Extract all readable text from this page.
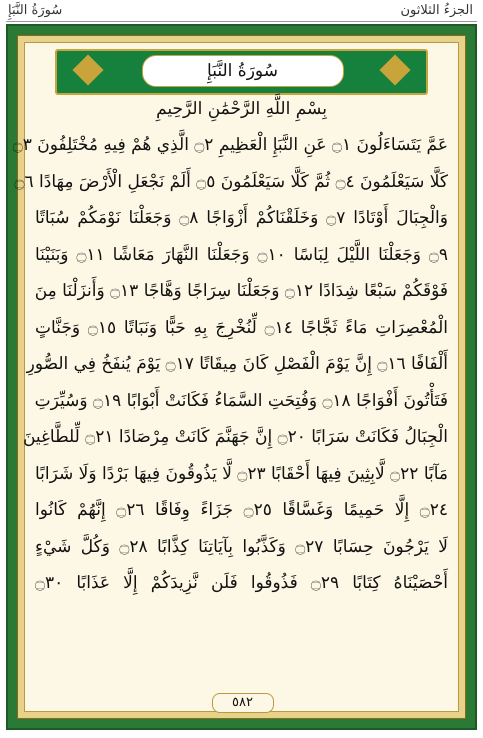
سُورَةُ النَّبَإِ	الجزءُ الثلاثون
سُورَةُ النَّبَإِ
بِسْمِ اللَّهِ الرَّحْمَٰنِ الرَّحِيمِ
عَمَّ يَتَسَاءَلُونَ ۝١ عَنِ النَّبَإِ الْعَظِيمِ ۝٢ الَّذِي هُمْ فِيهِ مُخْتَلِفُونَ ۝٣
كَلَّا سَيَعْلَمُونَ ۝٤ ثُمَّ كَلَّا سَيَعْلَمُونَ ۝٥ أَلَمْ نَجْعَلِ الْأَرْضَ مِهَادًا ۝٦
وَالْجِبَالَ أَوْتَادًا ۝٧ وَخَلَقْنَاكُمْ أَزْوَاجًا ۝٨ وَجَعَلْنَا نَوْمَكُمْ سُبَاتًا
۝٩ وَجَعَلْنَا اللَّيْلَ لِبَاسًا ۝١٠ وَجَعَلْنَا النَّهَارَ مَعَاشًا ۝١١ وَبَنَيْنَا
فَوْقَكُمْ سَبْعًا شِدَادًا ۝١٢ وَجَعَلْنَا سِرَاجًا وَهَّاجًا ۝١٣ وَأَنزَلْنَا مِنَ
الْمُعْصِرَاتِ مَاءً ثَجَّاجًا ۝١٤ لِّنُخْرِجَ بِهِ حَبًّا وَنَبَاتًا ۝١٥ وَجَنَّاتٍ
أَلْفَافًا ۝١٦ إِنَّ يَوْمَ الْفَصْلِ كَانَ مِيقَاتًا ۝١٧ يَوْمَ يُنفَخُ فِي الصُّورِ
فَتَأْتُونَ أَفْوَاجًا ۝١٨ وَفُتِحَتِ السَّمَاءُ فَكَانَتْ أَبْوَابًا ۝١٩ وَسُيِّرَتِ
الْجِبَالُ فَكَانَتْ سَرَابًا ۝٢٠ إِنَّ جَهَنَّمَ كَانَتْ مِرْصَادًا ۝٢١ لِّلطَّاغِينَ
مَآبًا ۝٢٢ لَّابِثِينَ فِيهَا أَحْقَابًا ۝٢٣ لَّا يَذُوقُونَ فِيهَا بَرْدًا وَلَا شَرَابًا
۝٢٤ إِلَّا حَمِيمًا وَغَسَّاقًا ۝٢٥ جَزَاءً وِفَاقًا ۝٢٦ إِنَّهُمْ كَانُوا
لَا يَرْجُونَ حِسَابًا ۝٢٧ وَكَذَّبُوا بِآيَاتِنَا كِذَّابًا ۝٢٨ وَكُلَّ شَيْءٍ
أَحْصَيْنَاهُ كِتَابًا ۝٢٩ فَذُوقُوا فَلَن نَّزِيدَكُمْ إِلَّا عَذَابًا ۝٣٠
٥٨٢
